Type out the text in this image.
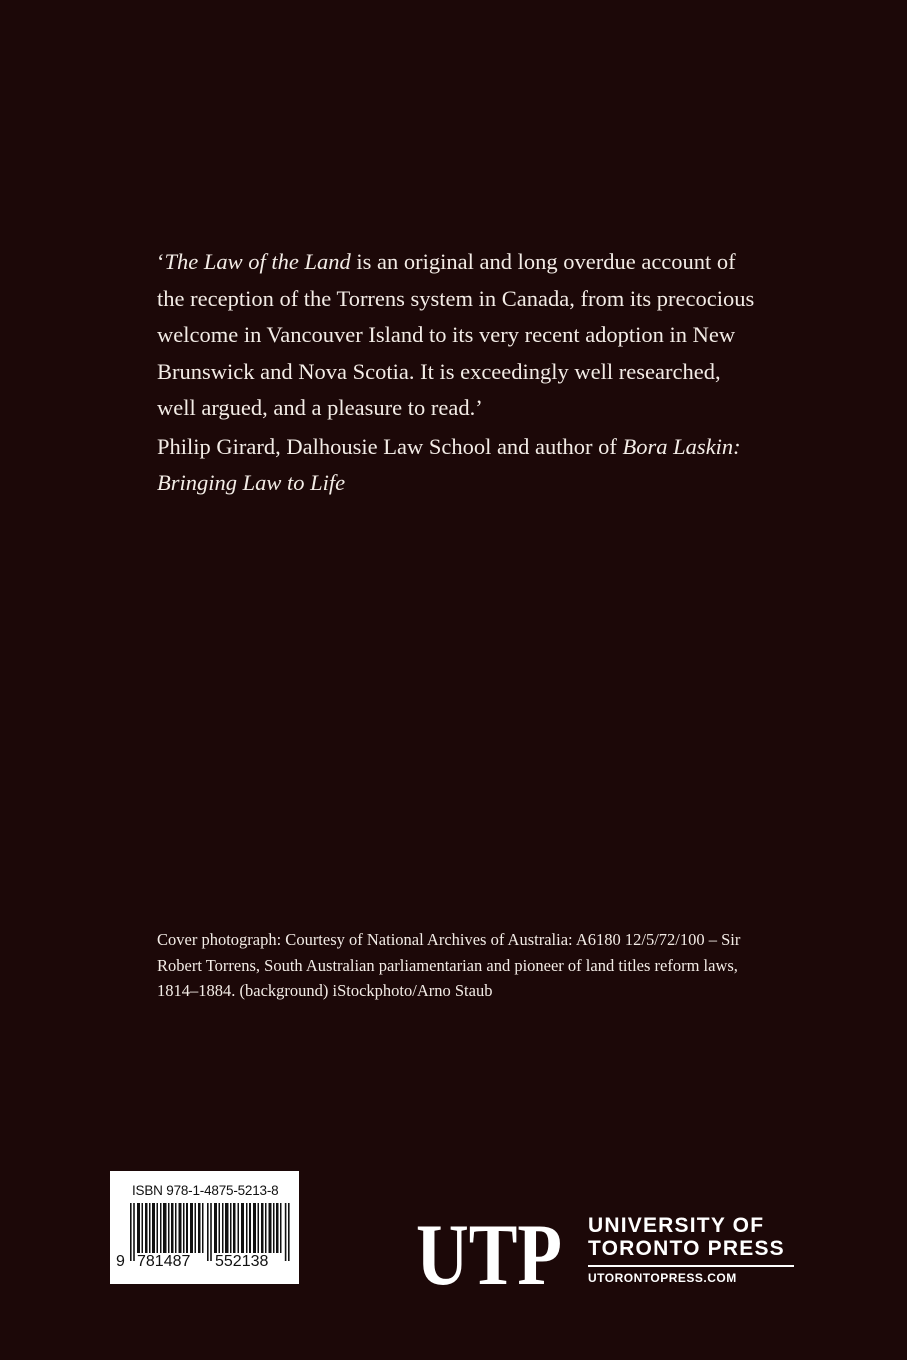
‘The Law of the Land is an original and long overdue account of the reception of the Torrens system in Canada, from its precocious welcome in Vancouver Island to its very recent adoption in New Brunswick and Nova Scotia. It is exceedingly well researched, well argued, and a pleasure to read.’

Philip Girard, Dalhousie Law School and author of Bora Laskin: Bringing Law to Life

Cover photograph: Courtesy of National Archives of Australia: A6180 12/5/72/100 – Sir Robert Torrens, South Australian parliamentarian and pioneer of land titles reform laws, 1814–1884. (background) iStockphoto/Arno Staub

ISBN 978-1-4875-5213-8
9 781487 552138 UTP UNIVERSITY OF
TORONTO PRESS
UTORONTOPRESS.COM
